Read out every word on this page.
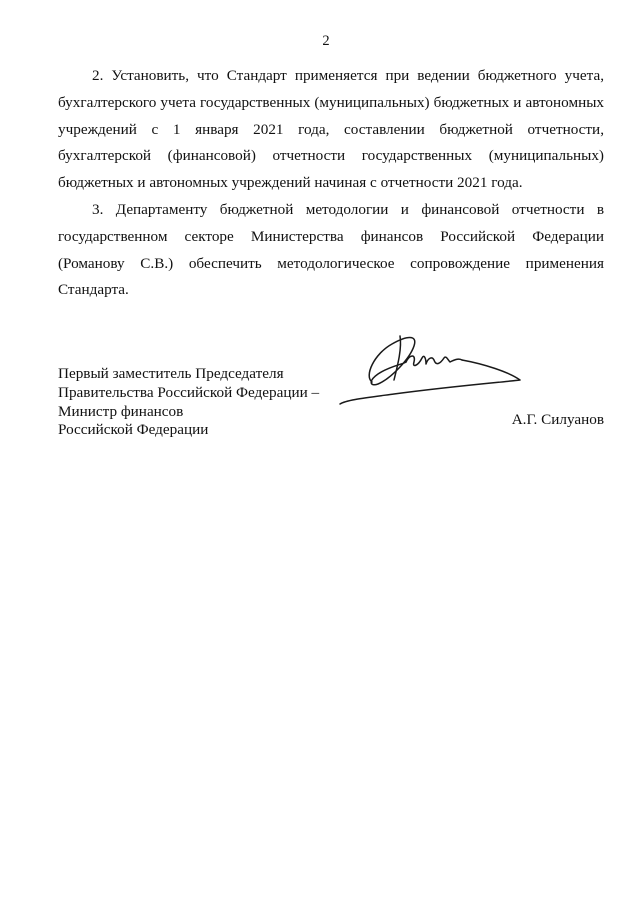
2

2. Установить, что Стандарт применяется при ведении бюджетного учета, бухгалтерского учета государственных (муниципальных) бюджетных и автономных учреждений с 1 января 2021 года, составлении бюджетной отчетности, бухгалтерской (финансовой) отчетности государственных (муниципальных) бюджетных и автономных учреждений начиная с отчетности 2021 года.

3. Департаменту бюджетной методологии и финансовой отчетности в государственном секторе Министерства финансов Российской Федерации (Романову С.В.) обеспечить методологическое сопровождение применения Стандарта.

Первый заместитель Председателя
Правительства Российской Федерации –
Министр финансов
Российской Федерации
А.Г. Силуанов
